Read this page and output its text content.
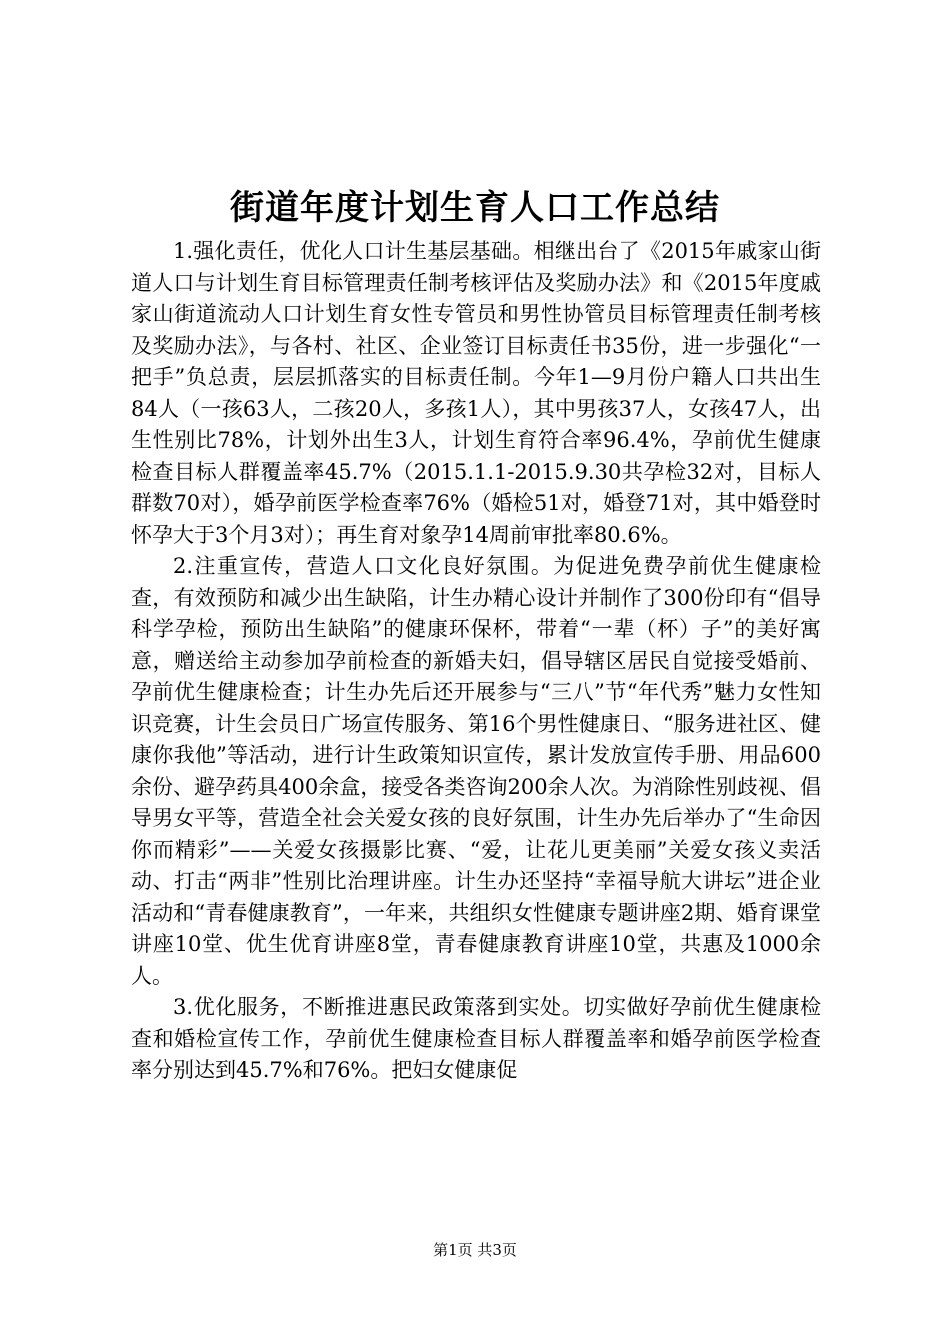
街道年度计划生育人口工作总结

1.强化责任，优化人口计生基层基础。相继出台了《2015年戚家山街道人口与计划生育目标管理责任制考核评估及奖励办法》和《2015年度戚家山街道流动人口计划生育女性专管员和男性协管员目标管理责任制考核及奖励办法》，与各村、社区、企业签订目标责任书35份，进一步强化“一把手”负总责，层层抓落实的目标责任制。今年1—9月份户籍人口共出生84人（一孩63人，二孩20人，多孩1人），其中男孩37人，女孩47人，出生性别比78%，计划外出生3人，计划生育符合率96.4%，孕前优生健康检查目标人群覆盖率45.7%（2015.1.1-2015.9.30共孕检32对，目标人群数70对），婚孕前医学检查率76%（婚检51对，婚登71对，其中婚登时怀孕大于3个月3对）；再生育对象孕14周前审批率80.6%。

2.注重宣传，营造人口文化良好氛围。为促进免费孕前优生健康检查，有效预防和减少出生缺陷，计生办精心设计并制作了300份印有“倡导科学孕检，预防出生缺陷”的健康环保杯，带着“一辈（杯）子”的美好寓意，赠送给主动参加孕前检查的新婚夫妇，倡导辖区居民自觉接受婚前、孕前优生健康检查；计生办先后还开展参与“三八”节“年代秀”魅力女性知识竞赛，计生会员日广场宣传服务、第16个男性健康日、“服务进社区、健康你我他”等活动，进行计生政策知识宣传，累计发放宣传手册、用品600余份、避孕药具400余盒，接受各类咨询200余人次。为消除性别歧视、倡导男女平等，营造全社会关爱女孩的良好氛围，计生办先后举办了“生命因你而精彩”——关爱女孩摄影比赛、“爱，让花儿更美丽”关爱女孩义卖活动、打击“两非”性别比治理讲座。计生办还坚持“幸福导航大讲坛”进企业活动和“青春健康教育”，一年来，共组织女性健康专题讲座2期、婚育课堂讲座10堂、优生优育讲座8堂，青春健康教育讲座10堂，共惠及1000余人。

3.优化服务，不断推进惠民政策落到实处。切实做好孕前优生健康检查和婚检宣传工作，孕前优生健康检查目标人群覆盖率和婚孕前医学检查率分别达到45.7%和76%。把妇女健康促

第1页 共3页
